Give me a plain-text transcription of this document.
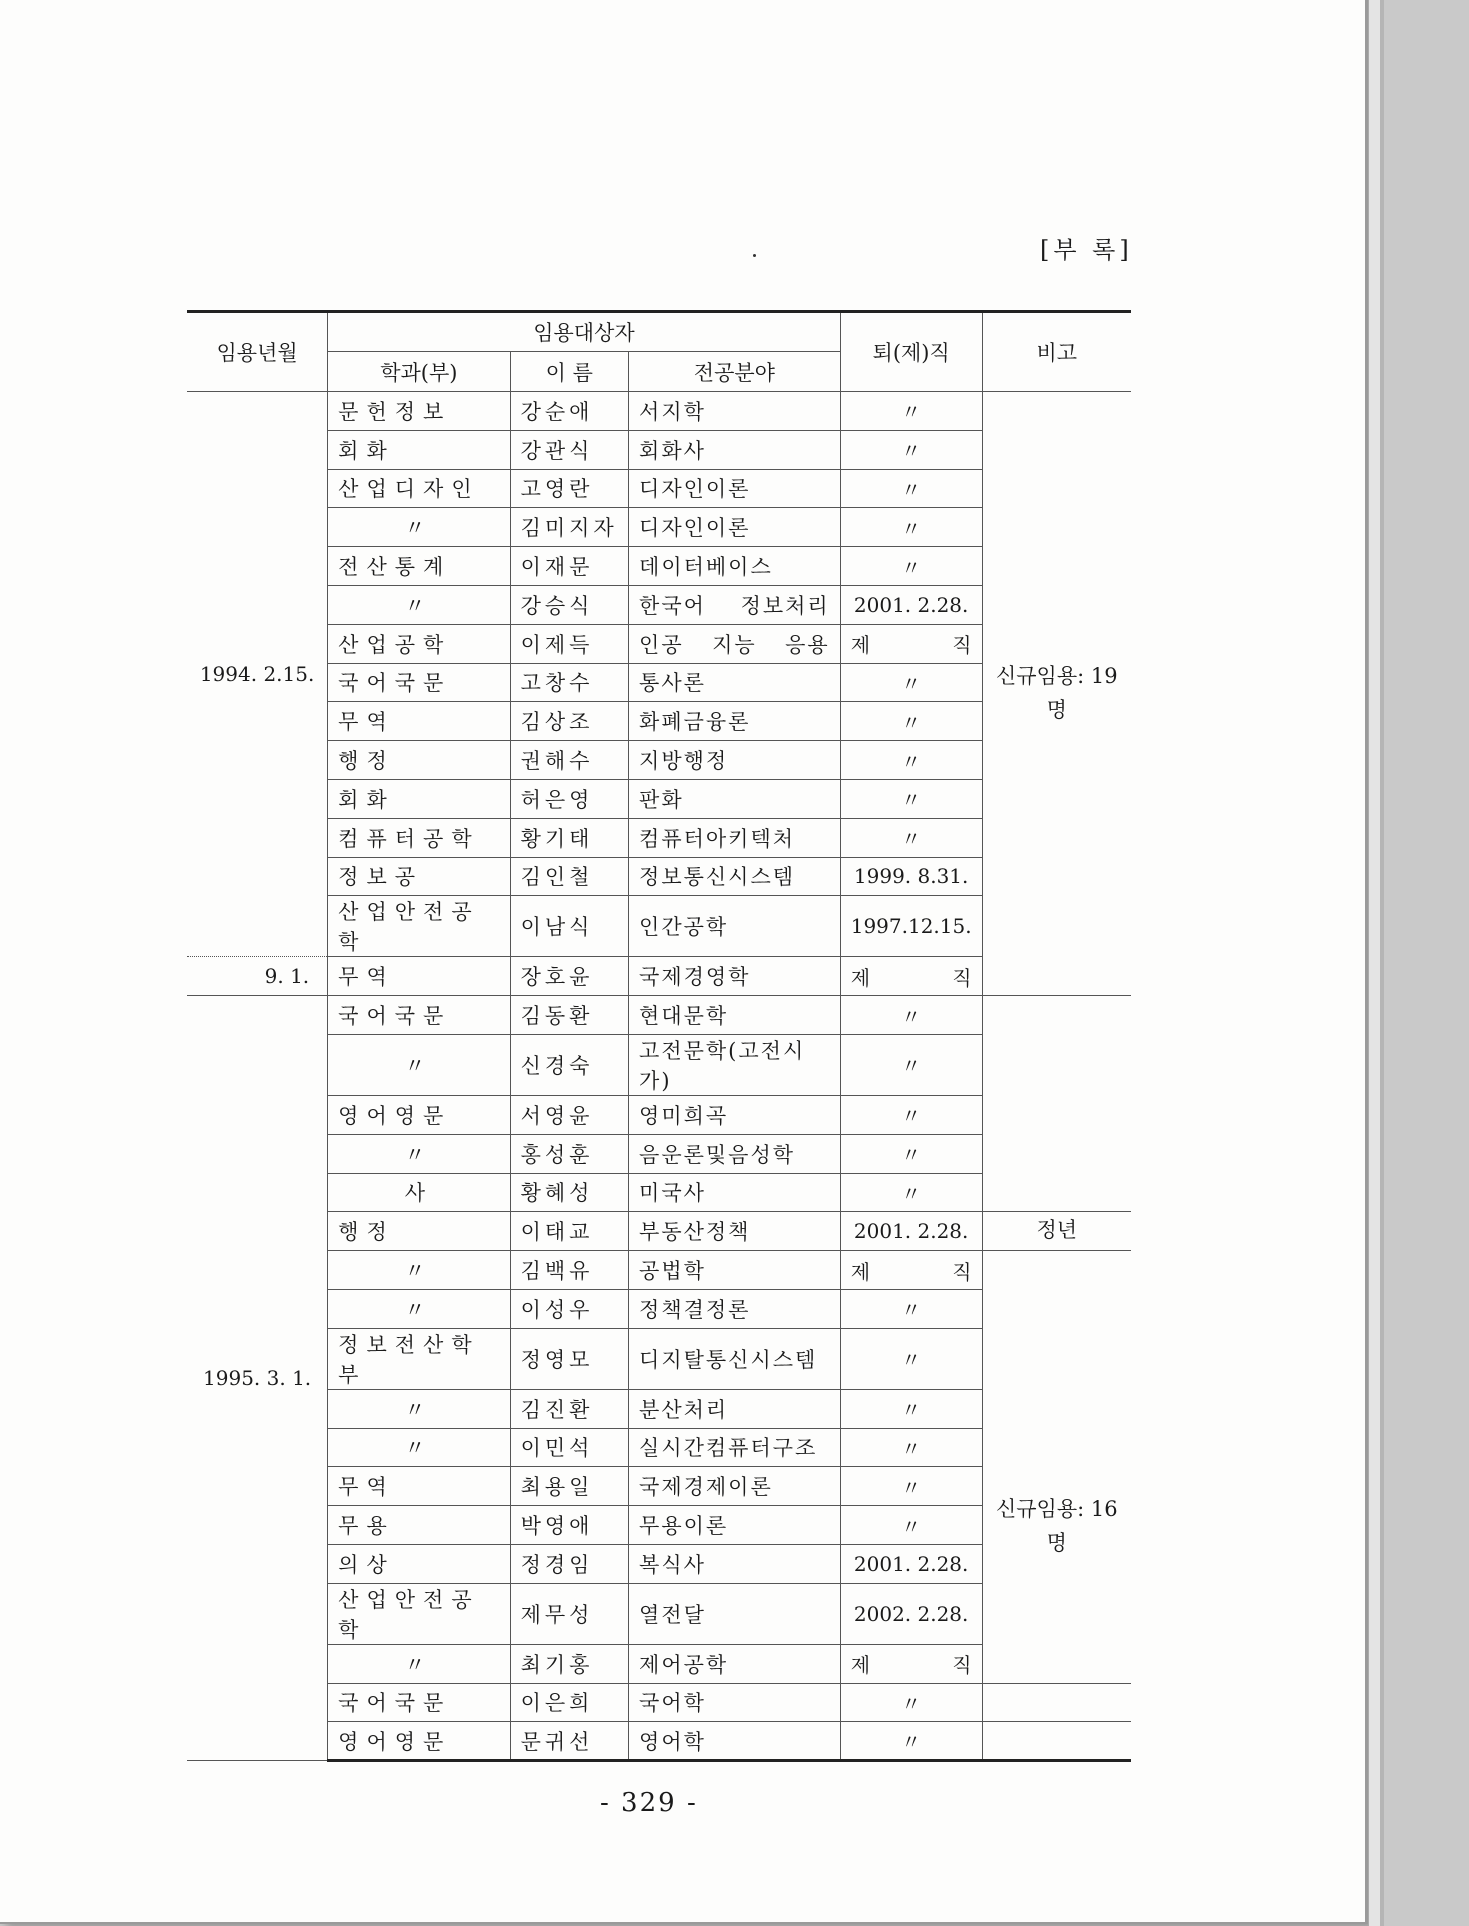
[부 록]
임용년월	임용대상자			퇴(제)직	비고
	학과(부)	이 름	전공분야		
1994. 2.15.	문헌정보	강순애	서지학	〃	신규임용: 19명
	회화	강관식	회화사	〃	
	산업디자인	고영란	디자인이론	〃	
	〃	김미지자	디자인이론	〃	
	전산통계	이재문	데이터베이스	〃	
	〃	강승식	한국어 정보처리	2001. 2.28.	
	산업공학	이제득	인공 지능 응용	제 직	
	국어국문	고창수	통사론	〃	
	무역	김상조	화폐금융론	〃	
	행정	권해수	지방행정	〃	
	회화	허은영	판화	〃	
	컴퓨터공학	황기태	컴퓨터아키텍처	〃	
	정보공	김인철	정보통신시스템	1999. 8.31.	
	산업안전공학	이남식	인간공학	1997.12.15.	
9. 1.	무역	장호윤	국제경영학	제 직	
1995. 3. 1.	국어국문	김동환	현대문학	〃	
	〃	신경숙	고전문학(고전시가)	〃	
	영어영문	서영윤	영미희곡	〃	
	〃	홍성훈	음운론및음성학	〃	
	사	황혜성	미국사	〃	
	행정	이태교	부동산정책	2001. 2.28.	정년
	〃	김백유	공법학	제 직	신규임용: 16명
	〃	이성우	정책결정론	〃	
	정보전산학부	정영모	디지탈통신시스템	〃	
	〃	김진환	분산처리	〃	
	〃	이민석	실시간컴퓨터구조	〃	
	무역	최용일	국제경제이론	〃	
	무용	박영애	무용이론	〃	
	의상	정경임	복식사	2001. 2.28.	
	산업안전공학	제무성	열전달	2002. 2.28.	
	〃	최기홍	제어공학	제 직	
	국어국문	이은희	국어학	〃	
	영어영문	문귀선	영어학	〃	
- 329 -
